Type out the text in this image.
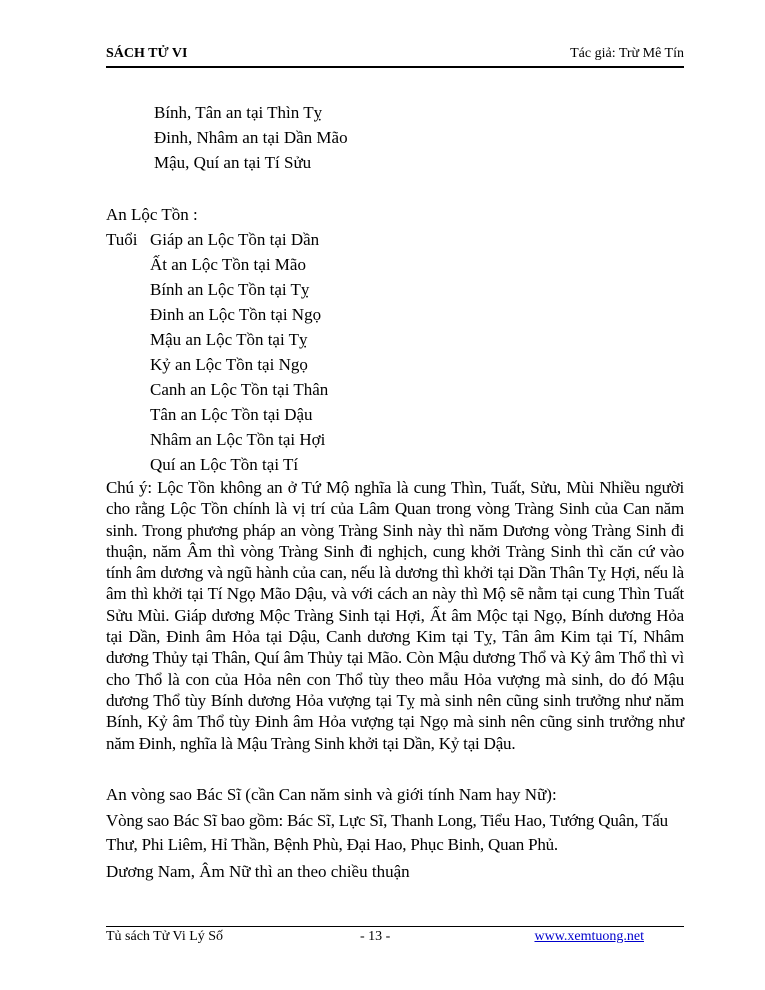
SÁCH TỬ VI	Tác giả: Trừ Mê Tín
Bính, Tân an tại Thìn Tỵ
Đinh, Nhâm an tại Dần Mão
Mậu, Quí an tại Tí Sửu
An Lộc Tồn :
Tuổi Giáp an Lộc Tồn tại Dần
Ất an Lộc Tồn tại Mão
Bính an Lộc Tồn tại Tỵ
Đinh an Lộc Tồn tại Ngọ
Mậu an Lộc Tồn tại Tỵ
Kỷ an Lộc Tồn tại Ngọ
Canh an Lộc Tồn tại Thân
Tân an Lộc Tồn tại Dậu
Nhâm an Lộc Tồn tại Hợi
Quí an Lộc Tồn tại Tí
Chú ý: Lộc Tồn không an ở Tứ Mộ nghĩa là cung Thìn, Tuất, Sửu, Mùi Nhiều người cho rằng Lộc Tồn chính là vị trí của Lâm Quan trong vòng Tràng Sinh của Can năm sinh. Trong phương pháp an vòng Tràng Sinh này thì năm Dương vòng Tràng Sinh đi thuận, năm Âm thì vòng Tràng Sinh đi nghịch, cung khởi Tràng Sinh thì căn cứ vào tính âm dương và ngũ hành của can, nếu là dương thì khởi tại Dần Thân Tỵ Hợi, nếu là âm thì khởi tại Tí Ngọ Mão Dậu, và với cách an này thì Mộ sẽ nằm tại cung Thìn Tuất Sửu Mùi. Giáp dương Mộc Tràng Sinh tại Hợi, Ất âm Mộc tại Ngọ, Bính dương Hỏa tại Dần, Đinh âm Hỏa tại Dậu, Canh dương Kim tại Tỵ, Tân âm Kim tại Tí, Nhâm dương Thủy tại Thân, Quí âm Thủy tại Mão. Còn Mậu dương Thổ và Kỷ âm Thổ thì vì cho Thổ là con của Hỏa nên con Thổ tùy theo mẫu Hỏa vượng mà sinh, do đó Mậu dương Thổ tùy Bính dương Hỏa vượng tại Tỵ mà sinh nên cũng sinh trưởng như năm Bính, Kỷ âm Thổ tùy Đinh âm Hỏa vượng tại Ngọ mà sinh nên cũng sinh trưởng như năm Đinh, nghĩa là Mậu Tràng Sinh khởi tại Dần, Kỷ tại Dậu.
An vòng sao Bác Sĩ (cần Can năm sinh và giới tính Nam hay Nữ):
Vòng sao Bác Sĩ bao gồm: Bác Sĩ, Lực Sĩ, Thanh Long, Tiểu Hao, Tướng Quân, Tấu Thư, Phi Liêm, Hỉ Thần, Bệnh Phù, Đại Hao, Phục Binh, Quan Phủ.
Dương Nam, Âm Nữ thì an theo chiều thuận
Tủ sách Tử Vi Lý Số	- 13 -	www.xemtuong.net
